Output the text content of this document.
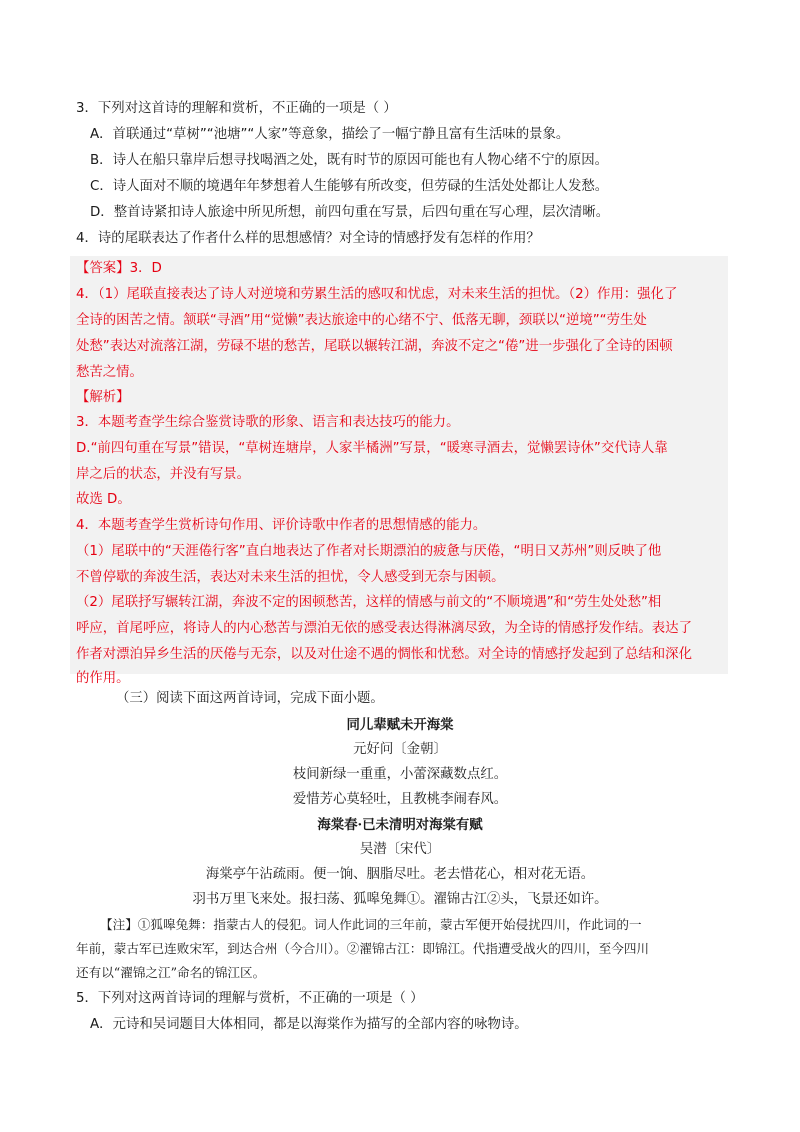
3．下列对这首诗的理解和赏析，不正确的一项是（ ）
A．首联通过“草树”“池塘”“人家”等意象，描绘了一幅宁静且富有生活味的景象。
B．诗人在船只靠岸后想寻找喝酒之处，既有时节的原因可能也有人物心绪不宁的原因。
C．诗人面对不顺的境遇年年梦想着人生能够有所改变，但劳碌的生活处处都让人发愁。
D．整首诗紧扣诗人旅途中所见所想，前四句重在写景，后四句重在写心理，层次清晰。
4．诗的尾联表达了作者什么样的思想感情？对全诗的情感抒发有怎样的作用？
【答案】3．D
4．（1）尾联直接表达了诗人对逆境和劳累生活的感叹和忧虑，对未来生活的担忧。（2）作用：强化了
全诗的困苦之情。颔联“寻酒”用“觉懒”表达旅途中的心绪不宁、低落无聊，颈联以“逆境”“劳生处
处愁”表达对流落江湖，劳碌不堪的愁苦，尾联以辗转江湖，奔波不定之“倦”进一步强化了全诗的困顿
愁苦之情。
【解析】
3．本题考查学生综合鉴赏诗歌的形象、语言和表达技巧的能力。
D.“前四句重在写景”错误，“草树连塘岸，人家半橘洲”写景，“暖寒寻酒去，觉懒罢诗休”交代诗人靠
岸之后的状态，并没有写景。
故选 D。
4．本题考查学生赏析诗句作用、评价诗歌中作者的思想情感的能力。
（1）尾联中的“天涯倦行客”直白地表达了作者对长期漂泊的疲惫与厌倦，“明日又苏州”则反映了他
不曾停歇的奔波生活，表达对未来生活的担忧，令人感受到无奈与困顿。
（2）尾联抒写辗转江湖，奔波不定的困顿愁苦，这样的情感与前文的“不顺境遇”和“劳生处处愁”相
呼应，首尾呼应，将诗人的内心愁苦与漂泊无依的感受表达得淋漓尽致，为全诗的情感抒发作结。表达了
作者对漂泊异乡生活的厌倦与无奈，以及对仕途不遇的惆怅和忧愁。对全诗的情感抒发起到了总结和深化
的作用。
（三）阅读下面这两首诗词，完成下面小题。
同儿辈赋未开海棠
元好问〔金朝〕
枝间新绿一重重，小蕾深藏数点红。
爱惜芳心莫轻吐，且教桃李闹春风。
海棠春·已未清明对海棠有赋
吴潜〔宋代〕
海棠亭午沾疏雨。便一饷、胭脂尽吐。老去惜花心，相对花无语。
羽书万里飞来处。报扫荡、狐嗥兔舞①。濯锦古江②头，飞景还如许。
【注】①狐嗥兔舞：指蒙古人的侵犯。词人作此词的三年前，蒙古军便开始侵扰四川，作此词的一
年前，蒙古军已连败宋军，到达合州（今合川）。②濯锦古江：即锦江。代指遭受战火的四川，至今四川
还有以“濯锦之江”命名的锦江区。
5．下列对这两首诗词的理解与赏析，不正确的一项是（ ）
A．元诗和吴词题目大体相同，都是以海棠作为描写的全部内容的咏物诗。
